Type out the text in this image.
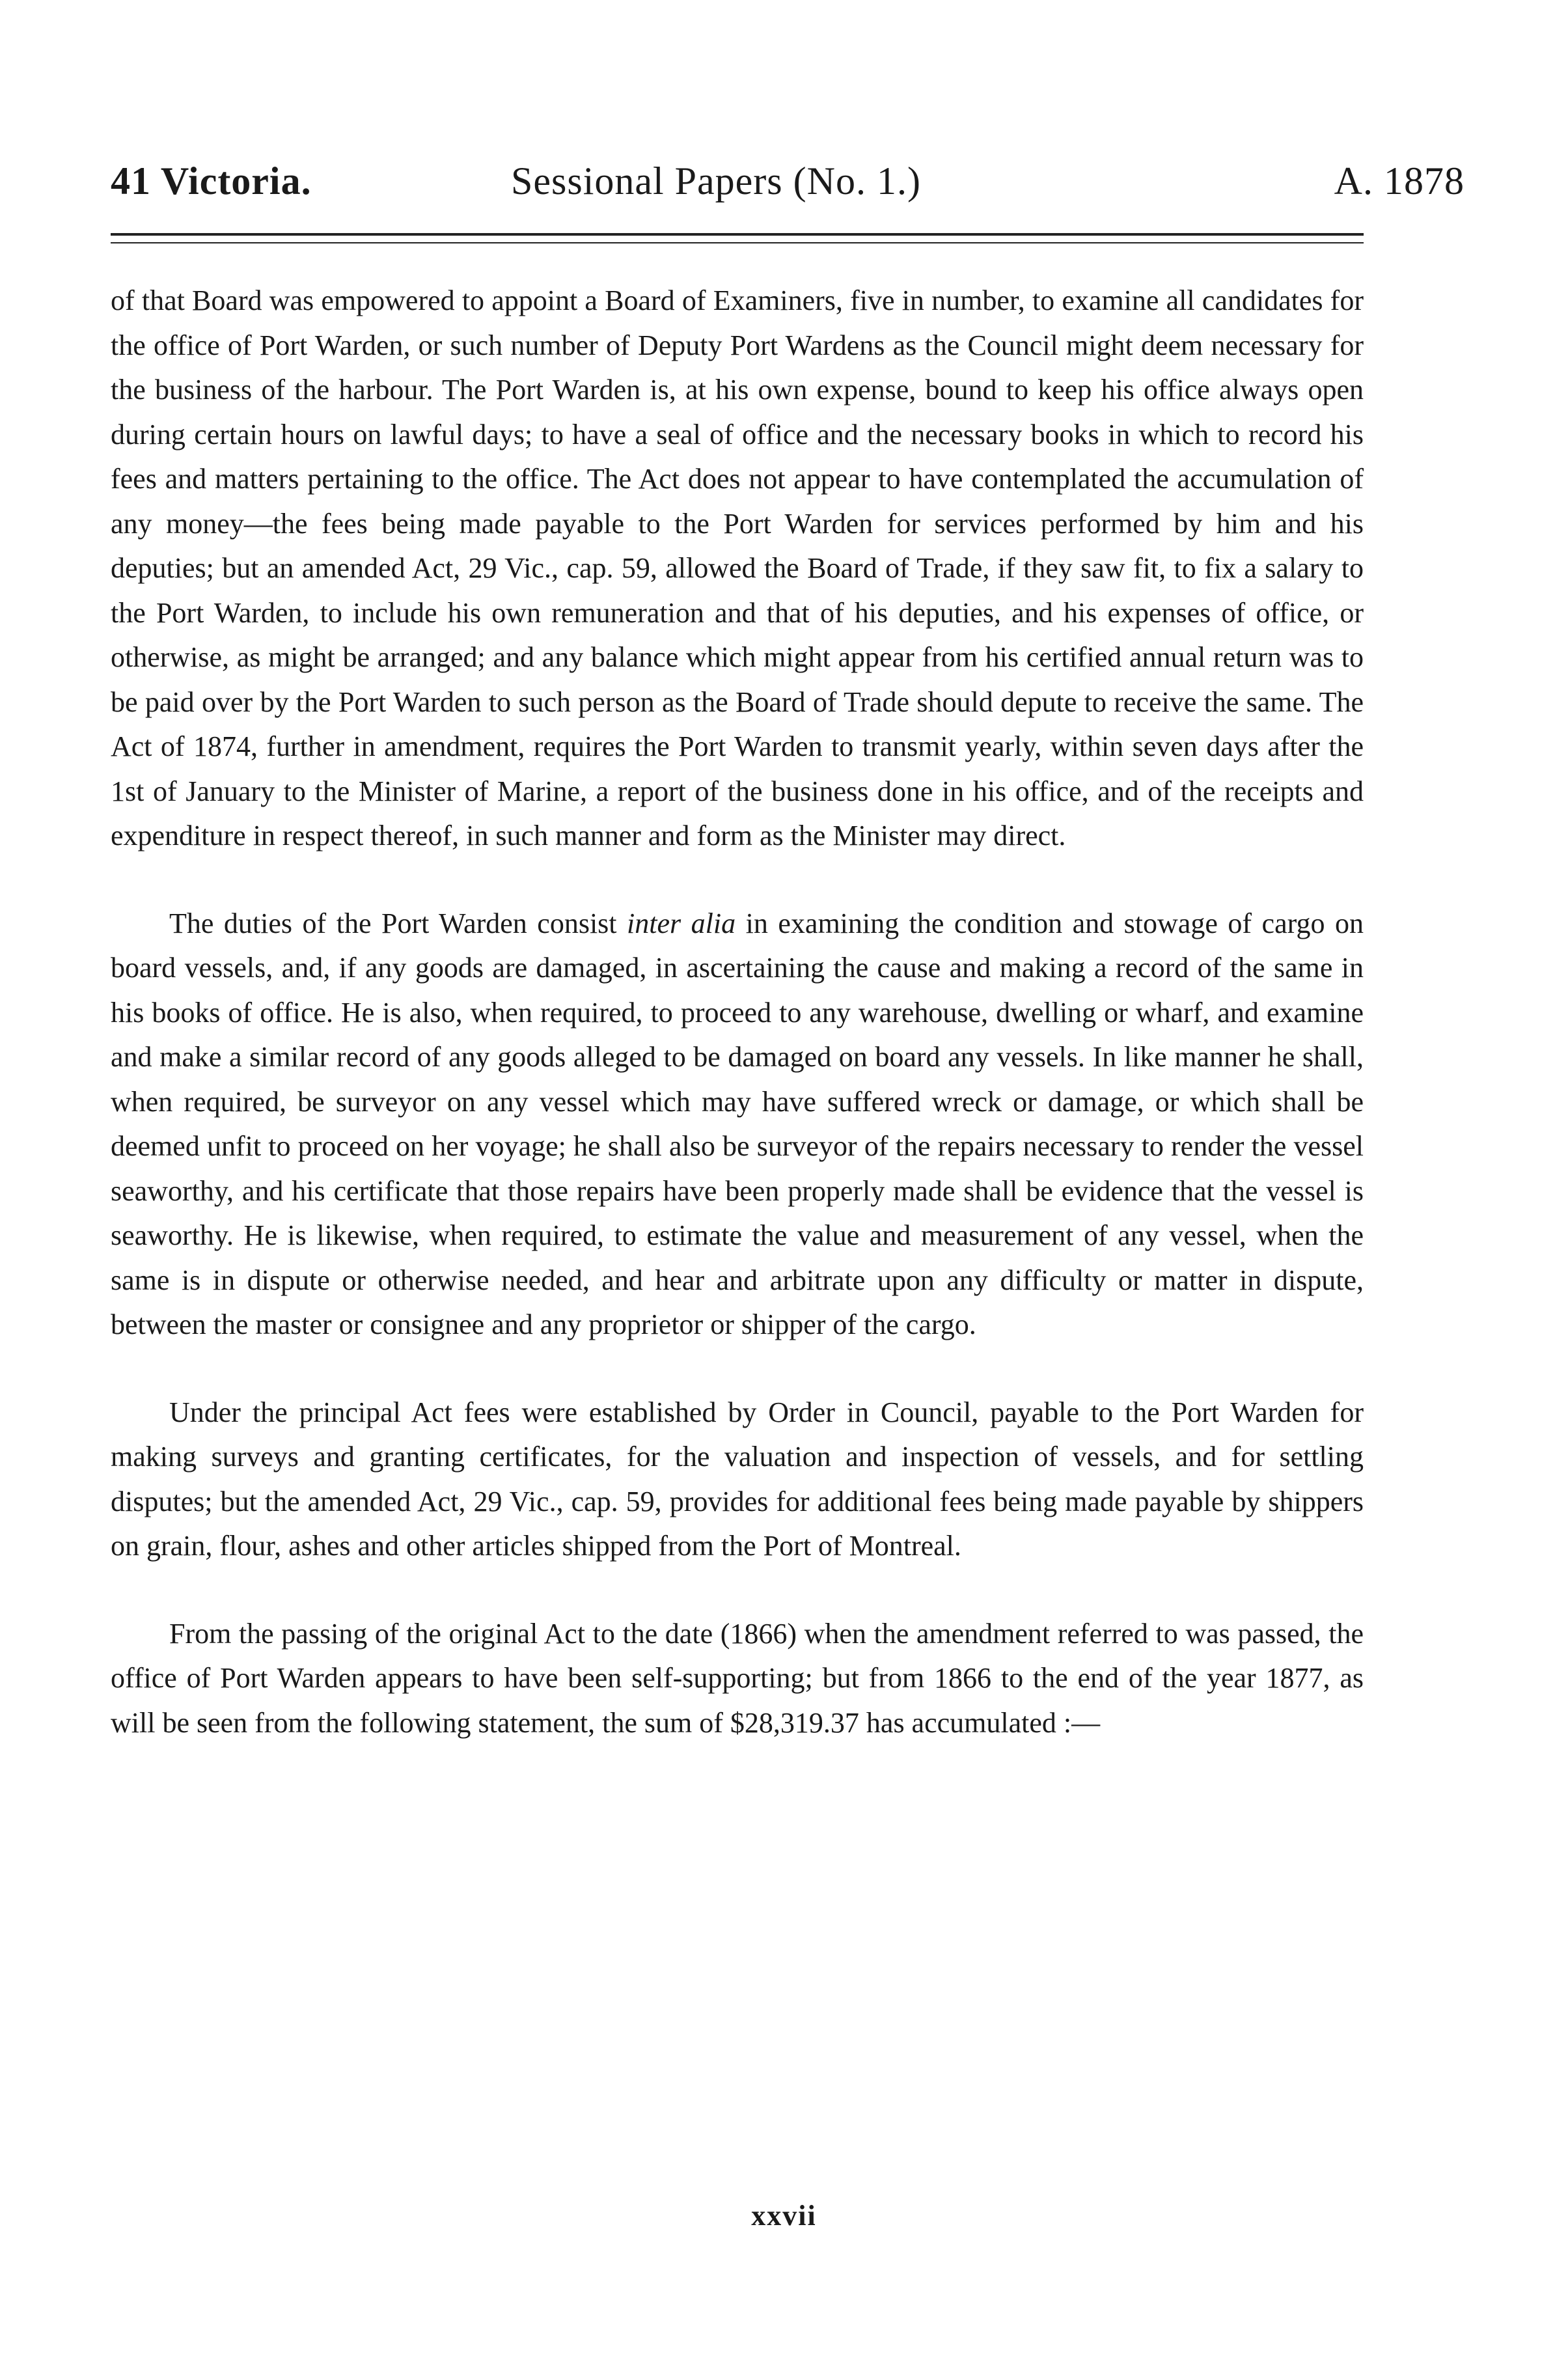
41 Victoria.	Sessional Papers (No. 1.)	A. 1878

of that Board was empowered to appoint a Board of Examiners, five in number, to examine all candidates for the office of Port Warden, or such number of Deputy Port Wardens as the Council might deem necessary for the business of the harbour. The Port Warden is, at his own expense, bound to keep his office always open during certain hours on lawful days; to have a seal of office and the necessary books in which to record his fees and matters pertaining to the office. The Act does not appear to have contemplated the accumulation of any money—the fees being made payable to the Port Warden for services performed by him and his deputies; but an amended Act, 29 Vic., cap. 59, allowed the Board of Trade, if they saw fit, to fix a salary to the Port Warden, to include his own remuneration and that of his deputies, and his expenses of office, or otherwise, as might be arranged; and any balance which might appear from his certified annual return was to be paid over by the Port Warden to such person as the Board of Trade should depute to receive the same. The Act of 1874, further in amendment, requires the Port Warden to transmit yearly, within seven days after the 1st of January to the Minister of Marine, a report of the business done in his office, and of the receipts and expenditure in respect thereof, in such manner and form as the Minister may direct.

The duties of the Port Warden consist inter alia in examining the condition and stowage of cargo on board vessels, and, if any goods are damaged, in ascertaining the cause and making a record of the same in his books of office. He is also, when required, to proceed to any warehouse, dwelling or wharf, and examine and make a similar record of any goods alleged to be damaged on board any vessels. In like manner he shall, when required, be surveyor on any vessel which may have suffered wreck or damage, or which shall be deemed unfit to proceed on her voyage; he shall also be surveyor of the repairs necessary to render the vessel seaworthy, and his certificate that those repairs have been properly made shall be evidence that the vessel is seaworthy. He is likewise, when required, to estimate the value and measurement of any vessel, when the same is in dispute or otherwise needed, and hear and arbitrate upon any difficulty or matter in dispute, between the master or consignee and any proprietor or shipper of the cargo.

Under the principal Act fees were established by Order in Council, payable to the Port Warden for making surveys and granting certificates, for the valuation and inspection of vessels, and for settling disputes; but the amended Act, 29 Vic., cap. 59, provides for additional fees being made payable by shippers on grain, flour, ashes and other articles shipped from the Port of Montreal.

From the passing of the original Act to the date (1866) when the amendment referred to was passed, the office of Port Warden appears to have been self-supporting; but from 1866 to the end of the year 1877, as will be seen from the following statement, the sum of $28,319.37 has accumulated :—

xxvii
